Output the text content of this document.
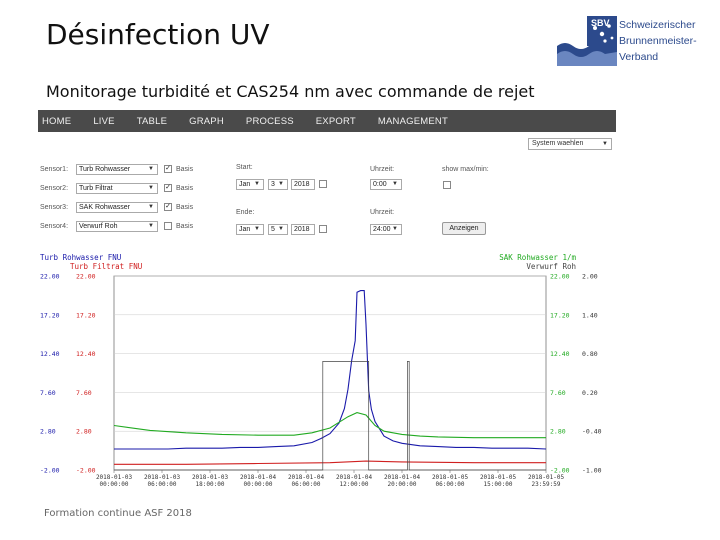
Désinfection UV
Monitorage turbidité et CAS254 nm avec commande de rejet
SBV Schweizerischer
Brunnenmeister-
Verband
HOME LIVE TABLE GRAPH PROCESS EXPORT MANAGEMENT
System waehlen	▼
Sensor1:	Turb Rohwasser	▼ ✓ Basis
Sensor2:	Turb Filtrat	▼ ✓ Basis
Sensor3:	SAK Rohwasser	▼ ✓ Basis
Sensor4:	Verwurf Roh	▼	Basis
Start:
Jan ▼	3 ▼	2018
Ende:
Jan ▼	5 ▼	2018
Uhrzeit:
0:00 ▼
Uhrzeit:
24:00 ▼
show max/min:
Anzeigen
Turb Rohwasser FNU
Turb Filtrat FNU
SAK Rohwasser 1/m
Verwurf Roh
22.00	22.00	22.00 2.00
17.20	17.20	17.20 1.40
12.40	12.40	12.40 0.80
7.60	7.60	7.60	0.20
2.80	2.80	2.80	-0.40
-2.00	-2.00	-2.00 -1.00
2018-01-03
00:00:00
2018-01-03
06:00:00
2018-01-03
18:00:00
2018-01-04
00:00:00
2018-01-04
06:00:00
2018-01-04
12:00:00
2018-01-04
20:00:00
2018-01-05
06:00:00
2018-01-05
15:00:00
2018-01-05
23:59:59
Formation continue ASF 2018
